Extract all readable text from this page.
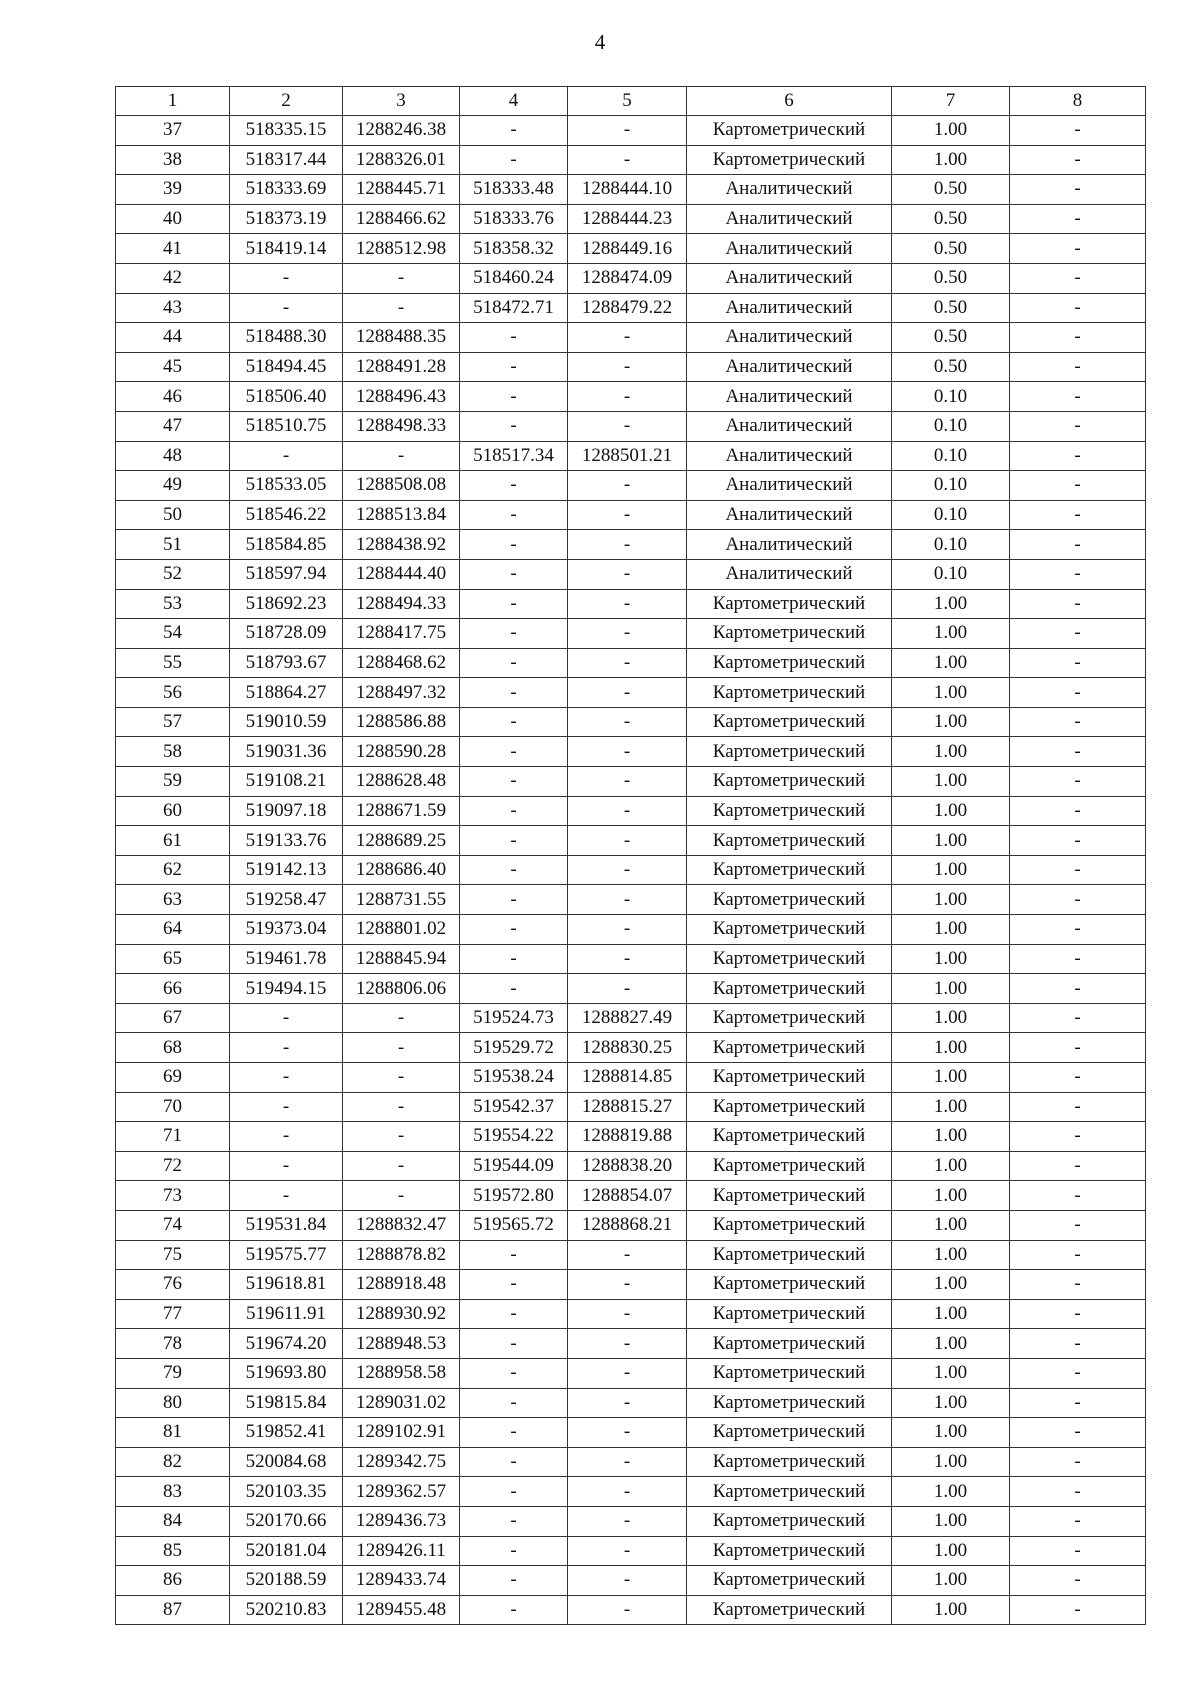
4
1	2	3	4	5	6	7	8
37	518335.15	1288246.38	-	-	Картометрический	1.00	-
38	518317.44	1288326.01	-	-	Картометрический	1.00	-
39	518333.69	1288445.71	518333.48	1288444.10	Аналитический	0.50	-
40	518373.19	1288466.62	518333.76	1288444.23	Аналитический	0.50	-
41	518419.14	1288512.98	518358.32	1288449.16	Аналитический	0.50	-
42	-	-	518460.24	1288474.09	Аналитический	0.50	-
43	-	-	518472.71	1288479.22	Аналитический	0.50	-
44	518488.30	1288488.35	-	-	Аналитический	0.50	-
45	518494.45	1288491.28	-	-	Аналитический	0.50	-
46	518506.40	1288496.43	-	-	Аналитический	0.10	-
47	518510.75	1288498.33	-	-	Аналитический	0.10	-
48	-	-	518517.34	1288501.21	Аналитический	0.10	-
49	518533.05	1288508.08	-	-	Аналитический	0.10	-
50	518546.22	1288513.84	-	-	Аналитический	0.10	-
51	518584.85	1288438.92	-	-	Аналитический	0.10	-
52	518597.94	1288444.40	-	-	Аналитический	0.10	-
53	518692.23	1288494.33	-	-	Картометрический	1.00	-
54	518728.09	1288417.75	-	-	Картометрический	1.00	-
55	518793.67	1288468.62	-	-	Картометрический	1.00	-
56	518864.27	1288497.32	-	-	Картометрический	1.00	-
57	519010.59	1288586.88	-	-	Картометрический	1.00	-
58	519031.36	1288590.28	-	-	Картометрический	1.00	-
59	519108.21	1288628.48	-	-	Картометрический	1.00	-
60	519097.18	1288671.59	-	-	Картометрический	1.00	-
61	519133.76	1288689.25	-	-	Картометрический	1.00	-
62	519142.13	1288686.40	-	-	Картометрический	1.00	-
63	519258.47	1288731.55	-	-	Картометрический	1.00	-
64	519373.04	1288801.02	-	-	Картометрический	1.00	-
65	519461.78	1288845.94	-	-	Картометрический	1.00	-
66	519494.15	1288806.06	-	-	Картометрический	1.00	-
67	-	-	519524.73	1288827.49	Картометрический	1.00	-
68	-	-	519529.72	1288830.25	Картометрический	1.00	-
69	-	-	519538.24	1288814.85	Картометрический	1.00	-
70	-	-	519542.37	1288815.27	Картометрический	1.00	-
71	-	-	519554.22	1288819.88	Картометрический	1.00	-
72	-	-	519544.09	1288838.20	Картометрический	1.00	-
73	-	-	519572.80	1288854.07	Картометрический	1.00	-
74	519531.84	1288832.47	519565.72	1288868.21	Картометрический	1.00	-
75	519575.77	1288878.82	-	-	Картометрический	1.00	-
76	519618.81	1288918.48	-	-	Картометрический	1.00	-
77	519611.91	1288930.92	-	-	Картометрический	1.00	-
78	519674.20	1288948.53	-	-	Картометрический	1.00	-
79	519693.80	1288958.58	-	-	Картометрический	1.00	-
80	519815.84	1289031.02	-	-	Картометрический	1.00	-
81	519852.41	1289102.91	-	-	Картометрический	1.00	-
82	520084.68	1289342.75	-	-	Картометрический	1.00	-
83	520103.35	1289362.57	-	-	Картометрический	1.00	-
84	520170.66	1289436.73	-	-	Картометрический	1.00	-
85	520181.04	1289426.11	-	-	Картометрический	1.00	-
86	520188.59	1289433.74	-	-	Картометрический	1.00	-
87	520210.83	1289455.48	-	-	Картометрический	1.00	-
